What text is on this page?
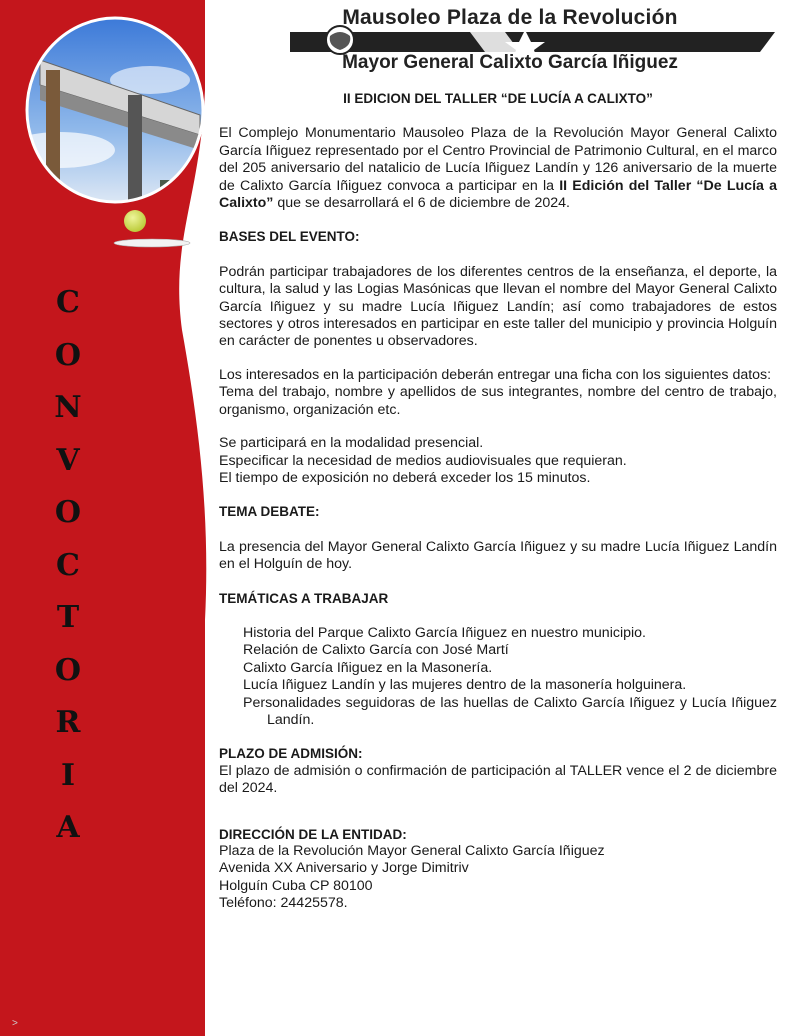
Mausoleo Plaza de la Revolución
Mayor General Calixto García Iñiguez
C
O
N
V
O
C
T
O
R
I
A
II EDICION DEL TALLER “DE LUCÍA A CALIXTO”

El Complejo Monumentario Mausoleo Plaza de la Revolución Mayor General Calixto García Iñiguez representado por el Centro Provincial de Patrimonio Cultural, en el marco del 205 aniversario del natalicio de Lucía Iñiguez Landín y 126 aniversario de la muerte de Calixto García Iñiguez convoca a participar en la II Edición del Taller “De Lucía a Calixto” que se desarrollará el 6 de diciembre de 2024.

BASES DEL EVENTO:

Podrán participar trabajadores de los diferentes centros de la enseñanza, el deporte, la cultura, la salud y las Logias Masónicas que llevan el nombre del Mayor General Calixto García Iñiguez y su madre Lucía Iñiguez Landín; así como trabajadores de estos sectores y otros interesados en participar en este taller del municipio y provincia Holguín en carácter de ponentes u observadores.

Los interesados en la participación deberán entregar una ficha con los siguientes datos:

Tema del trabajo, nombre y apellidos de sus integrantes, nombre del centro de trabajo, organismo, organización etc.

Se participará en la modalidad presencial.

Especificar la necesidad de medios audiovisuales que requieran.

El tiempo de exposición no deberá exceder los 15 minutos.

TEMA DEBATE:

La presencia del Mayor General Calixto García Iñiguez y su madre Lucía Iñiguez Landín en el Holguín de hoy.

TEMÁTICAS A TRABAJAR
Historia del Parque Calixto García Iñiguez en nuestro municipio.
Relación de Calixto García con José Martí
Calixto García Iñiguez en la Masonería.
Lucía Iñiguez Landín y las mujeres dentro de la masonería holguinera.
Personalidades seguidoras de las huellas de Calixto García Iñiguez y Lucía Iñiguez Landín.
PLAZO DE ADMISIÓN:

El plazo de admisión o confirmación de participación al TALLER vence el 2 de diciembre del 2024.

DIRECCIÓN DE LA ENTIDAD:

Plaza de la Revolución Mayor General Calixto García Iñiguez

Avenida XX Aniversario y Jorge Dimitriv

Holguín Cuba CP 80100

Teléfono: 24425578.

>
